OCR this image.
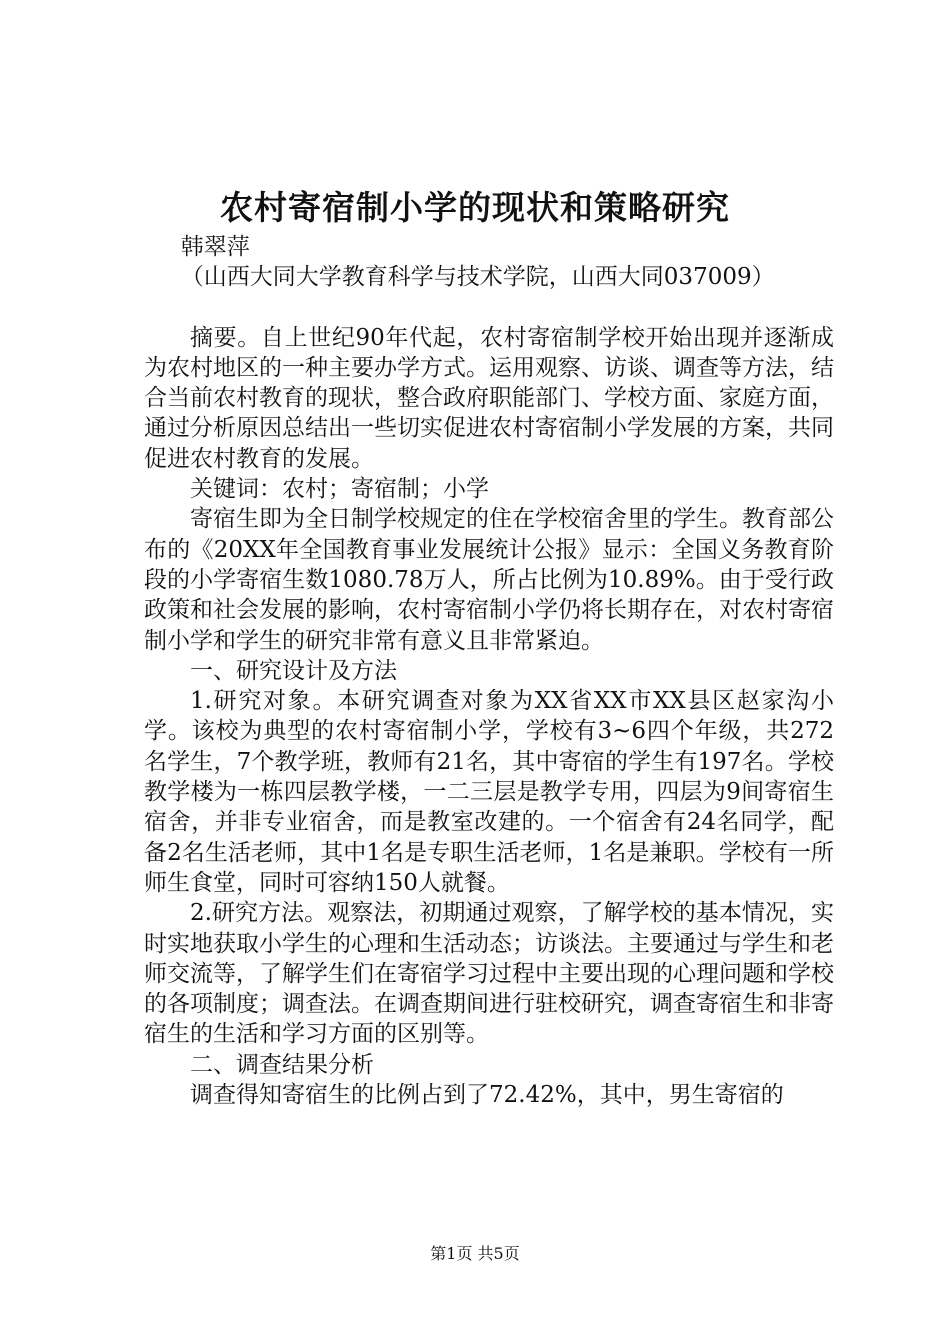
农村寄宿制小学的现状和策略研究

韩翠萍

（山西大同大学教育科学与技术学院，山西大同037009）

摘要。自上世纪90年代起，农村寄宿制学校开始出现并逐渐成为农村地区的一种主要办学方式。运用观察、访谈、调查等方法，结合当前农村教育的现状，整合政府职能部门、学校方面、家庭方面，通过分析原因总结出一些切实促进农村寄宿制小学发展的方案，共同促进农村教育的发展。

关键词：农村；寄宿制；小学

寄宿生即为全日制学校规定的住在学校宿舍里的学生。教育部公布的《20XX年全国教育事业发展统计公报》显示：全国义务教育阶段的小学寄宿生数1080.78万人，所占比例为10.89%。由于受行政政策和社会发展的影响，农村寄宿制小学仍将长期存在，对农村寄宿制小学和学生的研究非常有意义且非常紧迫。

一、研究设计及方法

1.研究对象。本研究调查对象为XX省XX市XX县区赵家沟小学。该校为典型的农村寄宿制小学，学校有3~6四个年级，共272名学生，7个教学班，教师有21名，其中寄宿的学生有197名。学校教学楼为一栋四层教学楼，一二三层是教学专用，四层为9间寄宿生宿舍，并非专业宿舍，而是教室改建的。一个宿舍有24名同学，配备2名生活老师，其中1名是专职生活老师，1名是兼职。学校有一所师生食堂，同时可容纳150人就餐。

2.研究方法。观察法，初期通过观察，了解学校的基本情况，实时实地获取小学生的心理和生活动态；访谈法。主要通过与学生和老师交流等，了解学生们在寄宿学习过程中主要出现的心理问题和学校的各项制度；调查法。在调查期间进行驻校研究，调查寄宿生和非寄宿生的生活和学习方面的区别等。

二、调查结果分析

调查得知寄宿生的比例占到了72.42%，其中，男生寄宿的

第1页 共5页
